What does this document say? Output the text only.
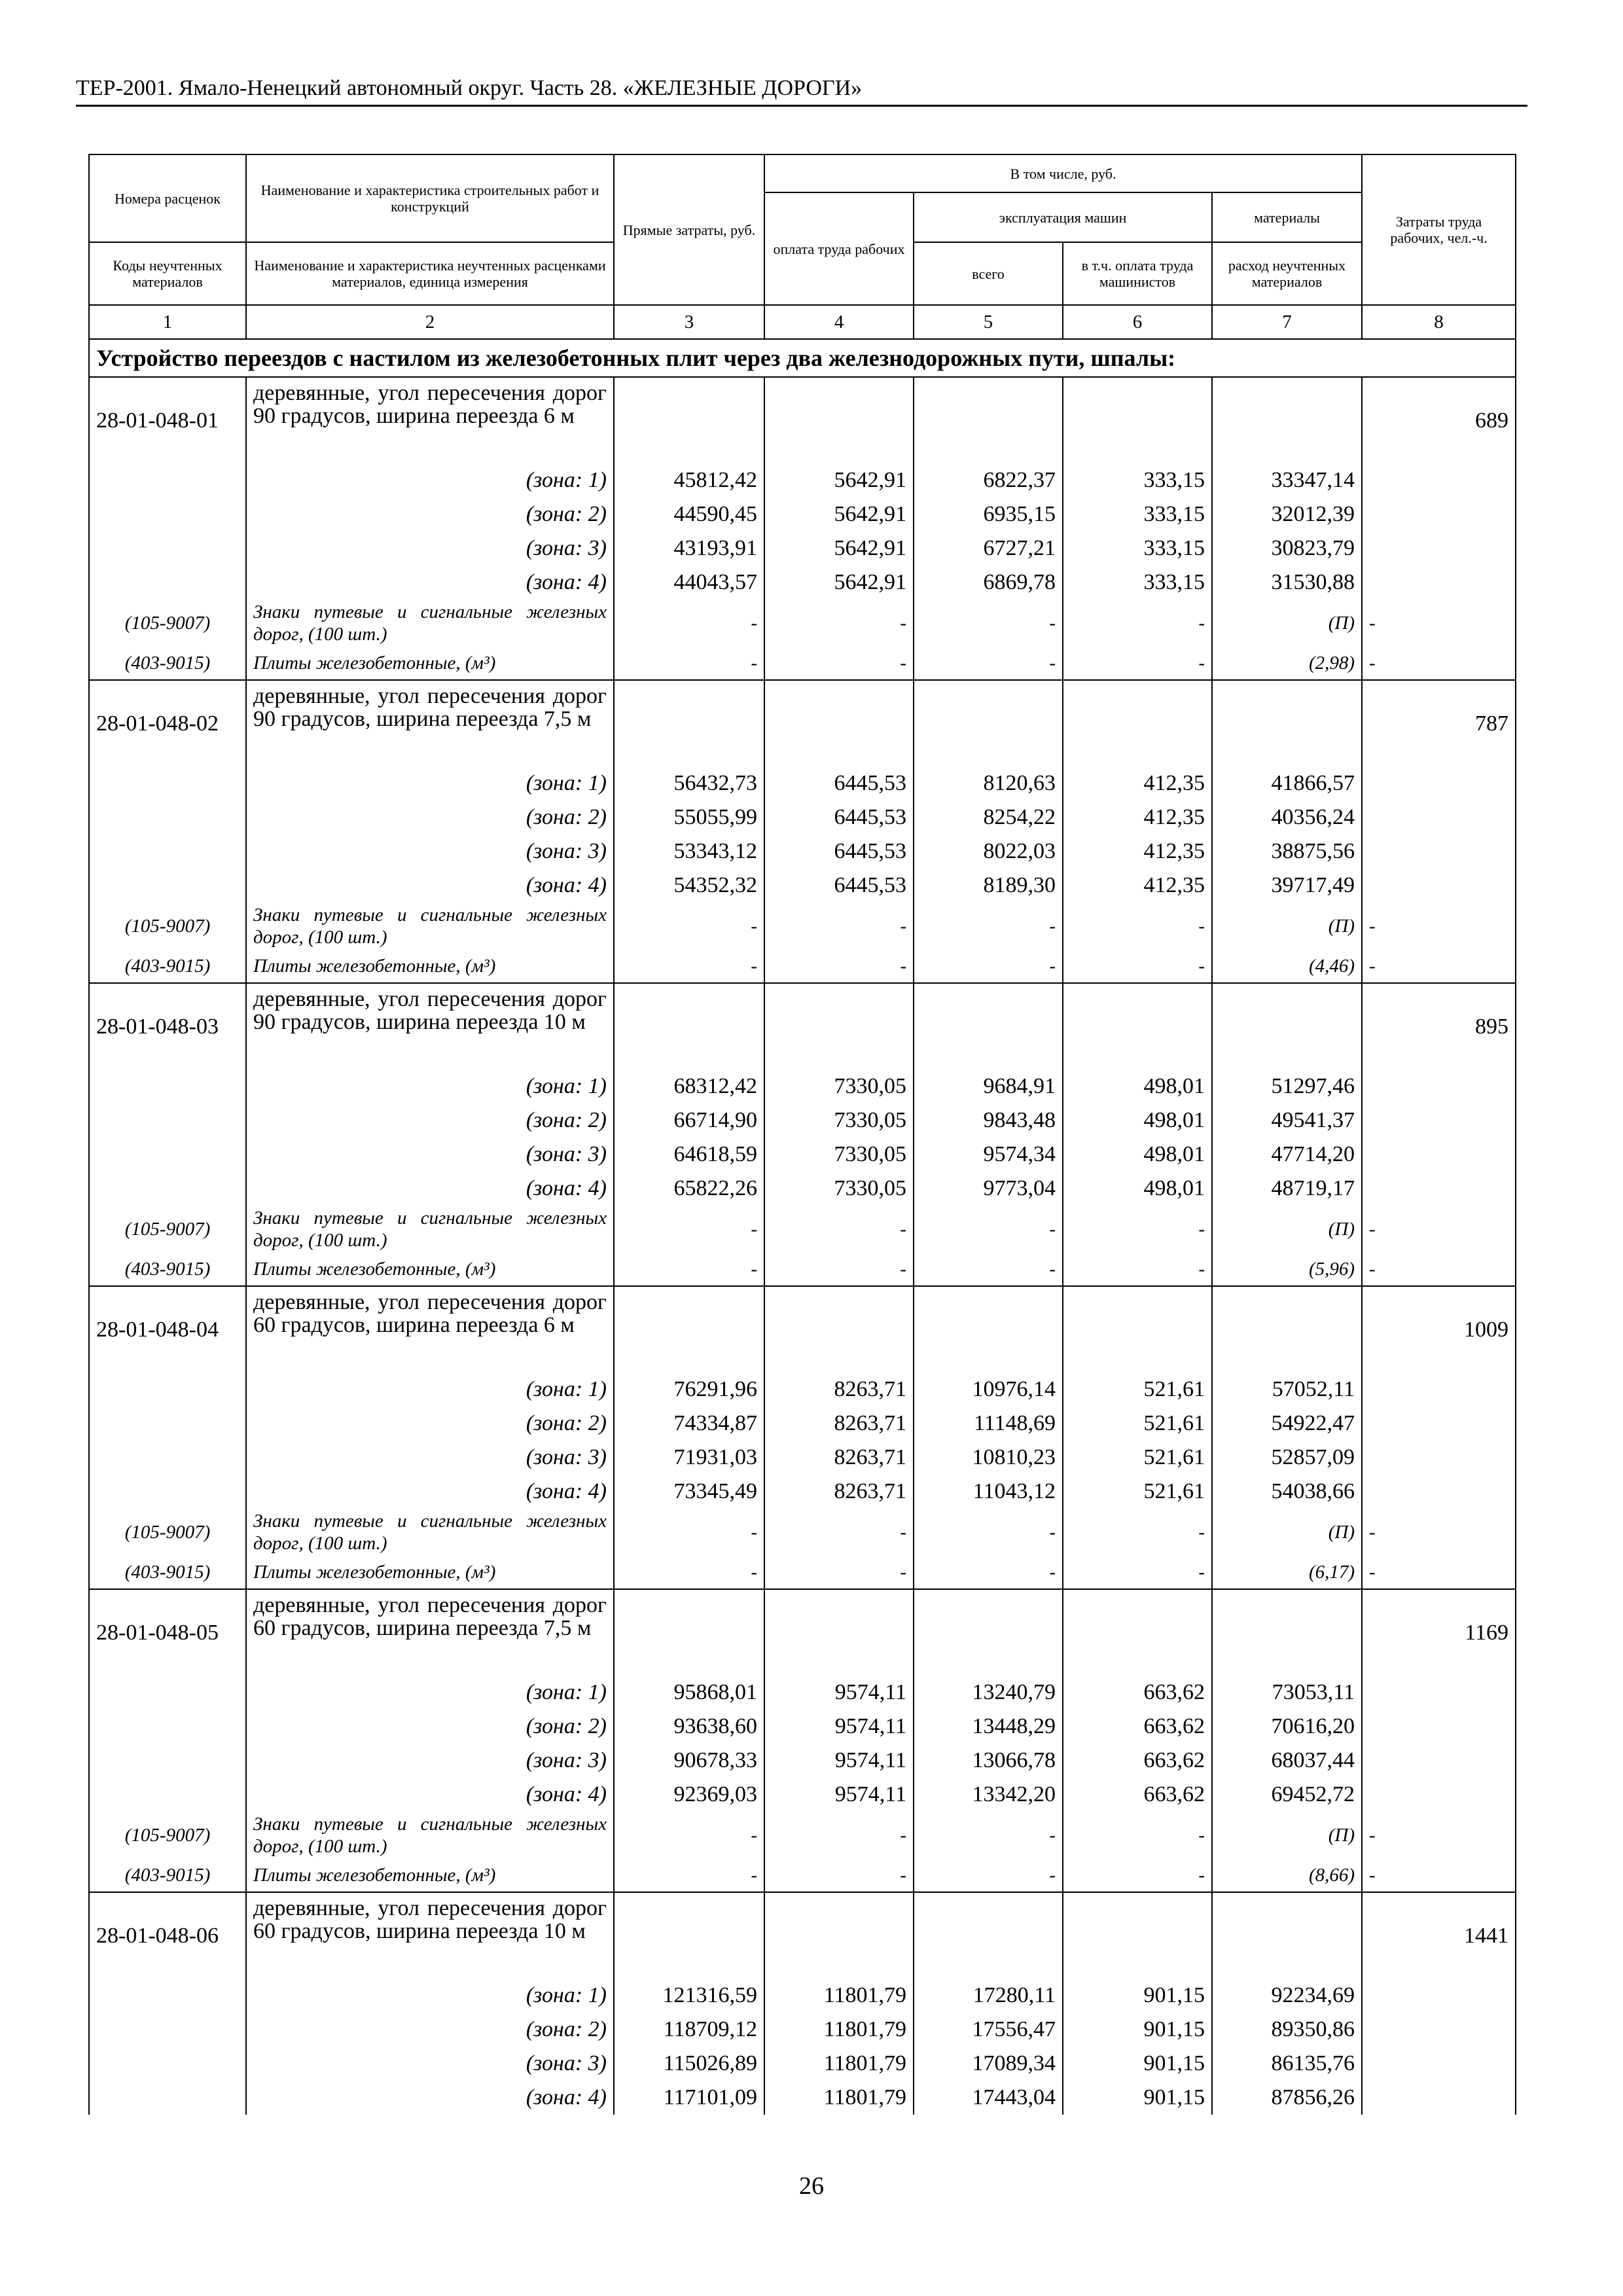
ТЕР-2001. Ямало-Ненецкий автономный округ. Часть 28. «ЖЕЛЕЗНЫЕ ДОРОГИ»
Номера расценок	Наименование и характеристика строительных работ и конструкций	Прямые затраты, руб.	В том числе, руб.				Затраты труда рабочих, чел.-ч.
			оплата труда рабочих	эксплуатация машин		материалы	
Коды неучтенных материалов	Наименование и характеристика неучтенных расценками материалов, единица измерения			всего	в т.ч. оплата труда машинистов	расход неучтенных материалов	
1	2	3	4	5	6	7	8
Устройство переездов с настилом из железобетонных плит через два железнодорожных пути, шпалы:							
28-01-048-01	деревянные, угол пересечения дорог 90 градусов, ширина переезда 6 м						689
	(зона: 1)	45812,42	5642,91	6822,37	333,15	33347,14	
	(зона: 2)	44590,45	5642,91	6935,15	333,15	32012,39	
	(зона: 3)	43193,91	5642,91	6727,21	333,15	30823,79	
	(зона: 4)	44043,57	5642,91	6869,78	333,15	31530,88	
(105-9007)	Знаки путевые и сигнальные железных дорог, (100 шт.)	-	-	-	-	(П)	-
(403-9015)	Плиты железобетонные, (м³)	-	-	-	-	(2,98)	-
28-01-048-02	деревянные, угол пересечения дорог 90 градусов, ширина переезда 7,5 м						787
	(зона: 1)	56432,73	6445,53	8120,63	412,35	41866,57	
	(зона: 2)	55055,99	6445,53	8254,22	412,35	40356,24	
	(зона: 3)	53343,12	6445,53	8022,03	412,35	38875,56	
	(зона: 4)	54352,32	6445,53	8189,30	412,35	39717,49	
(105-9007)	Знаки путевые и сигнальные железных дорог, (100 шт.)	-	-	-	-	(П)	-
(403-9015)	Плиты железобетонные, (м³)	-	-	-	-	(4,46)	-
28-01-048-03	деревянные, угол пересечения дорог 90 градусов, ширина переезда 10 м						895
	(зона: 1)	68312,42	7330,05	9684,91	498,01	51297,46	
	(зона: 2)	66714,90	7330,05	9843,48	498,01	49541,37	
	(зона: 3)	64618,59	7330,05	9574,34	498,01	47714,20	
	(зона: 4)	65822,26	7330,05	9773,04	498,01	48719,17	
(105-9007)	Знаки путевые и сигнальные железных дорог, (100 шт.)	-	-	-	-	(П)	-
(403-9015)	Плиты железобетонные, (м³)	-	-	-	-	(5,96)	-
28-01-048-04	деревянные, угол пересечения дорог 60 градусов, ширина переезда 6 м						1009
	(зона: 1)	76291,96	8263,71	10976,14	521,61	57052,11	
	(зона: 2)	74334,87	8263,71	11148,69	521,61	54922,47	
	(зона: 3)	71931,03	8263,71	10810,23	521,61	52857,09	
	(зона: 4)	73345,49	8263,71	11043,12	521,61	54038,66	
(105-9007)	Знаки путевые и сигнальные железных дорог, (100 шт.)	-	-	-	-	(П)	-
(403-9015)	Плиты железобетонные, (м³)	-	-	-	-	(6,17)	-
28-01-048-05	деревянные, угол пересечения дорог 60 градусов, ширина переезда 7,5 м						1169
	(зона: 1)	95868,01	9574,11	13240,79	663,62	73053,11	
	(зона: 2)	93638,60	9574,11	13448,29	663,62	70616,20	
	(зона: 3)	90678,33	9574,11	13066,78	663,62	68037,44	
	(зона: 4)	92369,03	9574,11	13342,20	663,62	69452,72	
(105-9007)	Знаки путевые и сигнальные железных дорог, (100 шт.)	-	-	-	-	(П)	-
(403-9015)	Плиты железобетонные, (м³)	-	-	-	-	(8,66)	-
28-01-048-06	деревянные, угол пересечения дорог 60 градусов, ширина переезда 10 м						1441
	(зона: 1)	121316,59	11801,79	17280,11	901,15	92234,69	
	(зона: 2)	118709,12	11801,79	17556,47	901,15	89350,86	
	(зона: 3)	115026,89	11801,79	17089,34	901,15	86135,76	
	(зона: 4)	117101,09	11801,79	17443,04	901,15	87856,26	
26
